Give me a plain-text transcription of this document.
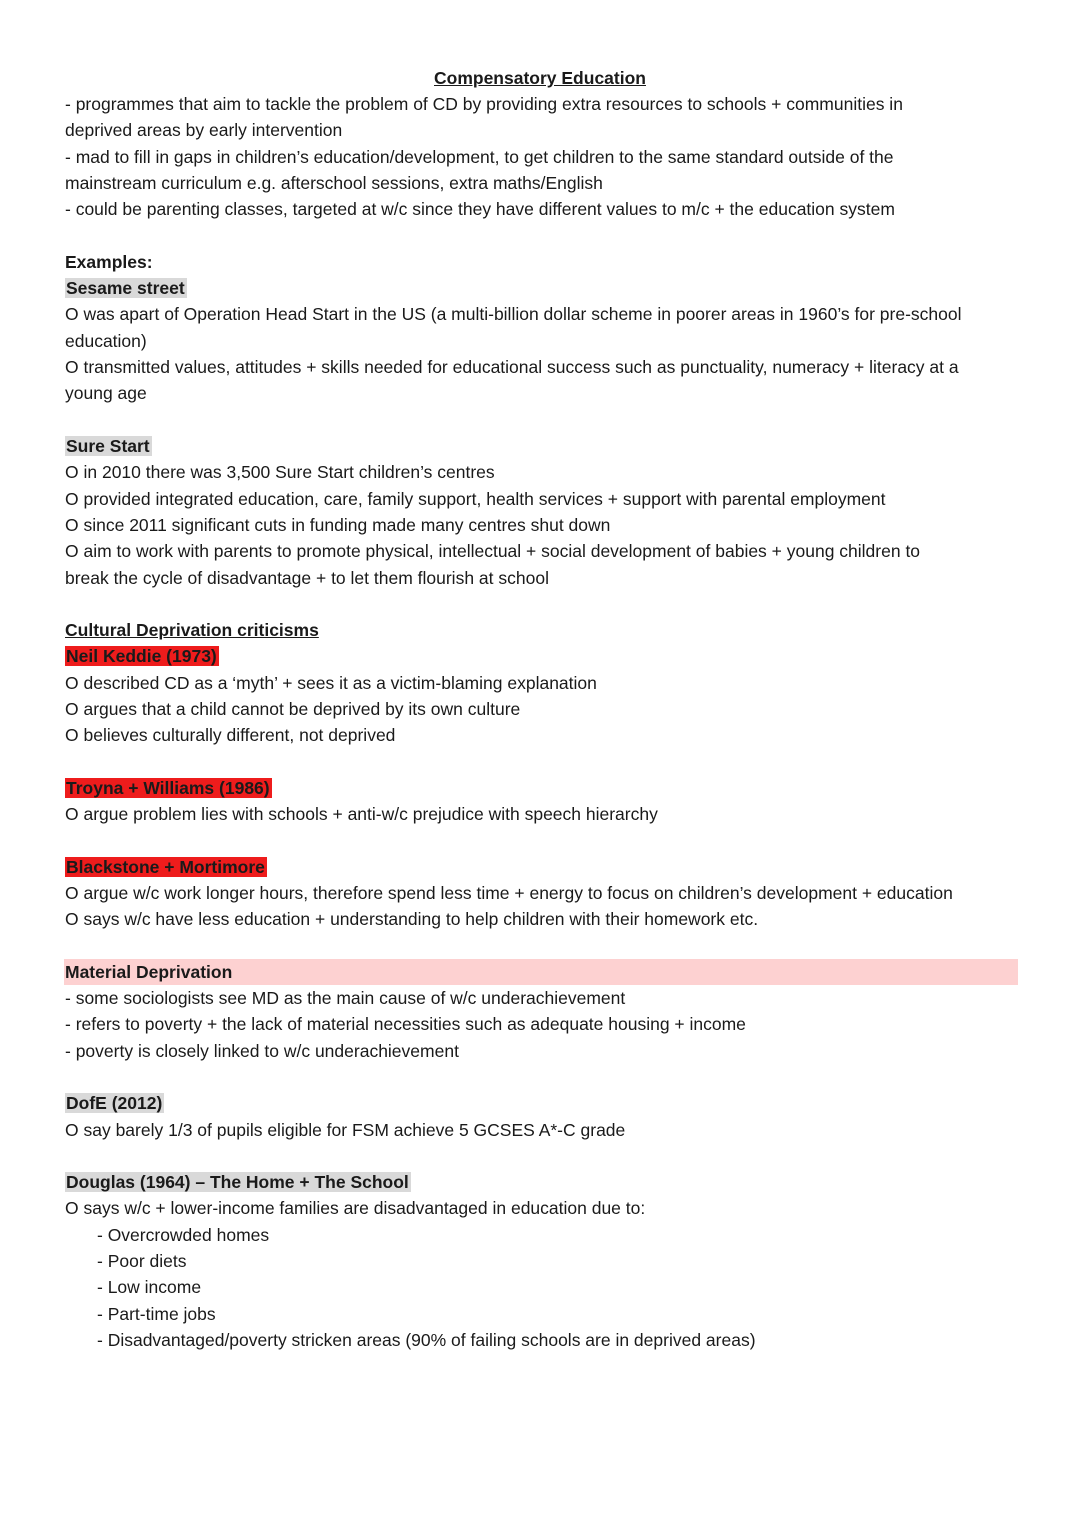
Compensatory Education
- programmes that aim to tackle the problem of CD by providing extra resources to schools + communities in
deprived areas by early intervention
- mad to fill in gaps in children’s education/development, to get children to the same standard outside of the
mainstream curriculum e.g. afterschool sessions, extra maths/English
- could be parenting classes, targeted at w/c since they have different values to m/c + the education system
Examples:
Sesame street
O was apart of Operation Head Start in the US (a multi-billion dollar scheme in poorer areas in 1960’s for pre-school
education)
O transmitted values, attitudes + skills needed for educational success such as punctuality, numeracy + literacy at a
young age
Sure Start
O in 2010 there was 3,500 Sure Start children’s centres
O provided integrated education, care, family support, health services + support with parental employment
O since 2011 significant cuts in funding made many centres shut down
O aim to work with parents to promote physical, intellectual + social development of babies + young children to
break the cycle of disadvantage + to let them flourish at school
Cultural Deprivation criticisms
Neil Keddie (1973)
O described CD as a ‘myth’ + sees it as a victim-blaming explanation
O argues that a child cannot be deprived by its own culture
O believes culturally different, not deprived
Troyna + Williams (1986)
O argue problem lies with schools + anti-w/c prejudice with speech hierarchy
Blackstone + Mortimore
O argue w/c work longer hours, therefore spend less time + energy to focus on children’s development + education
O says w/c have less education + understanding to help children with their homework etc.
Material Deprivation
- some sociologists see MD as the main cause of w/c underachievement
- refers to poverty + the lack of material necessities such as adequate housing + income
- poverty is closely linked to w/c underachievement
DofE (2012)
O say barely 1/3 of pupils eligible for FSM achieve 5 GCSES A*-C grade
Douglas (1964) – The Home + The School
O says w/c + lower-income families are disadvantaged in education due to:
- Overcrowded homes
- Poor diets
- Low income
- Part-time jobs
- Disadvantaged/poverty stricken areas (90% of failing schools are in deprived areas)
